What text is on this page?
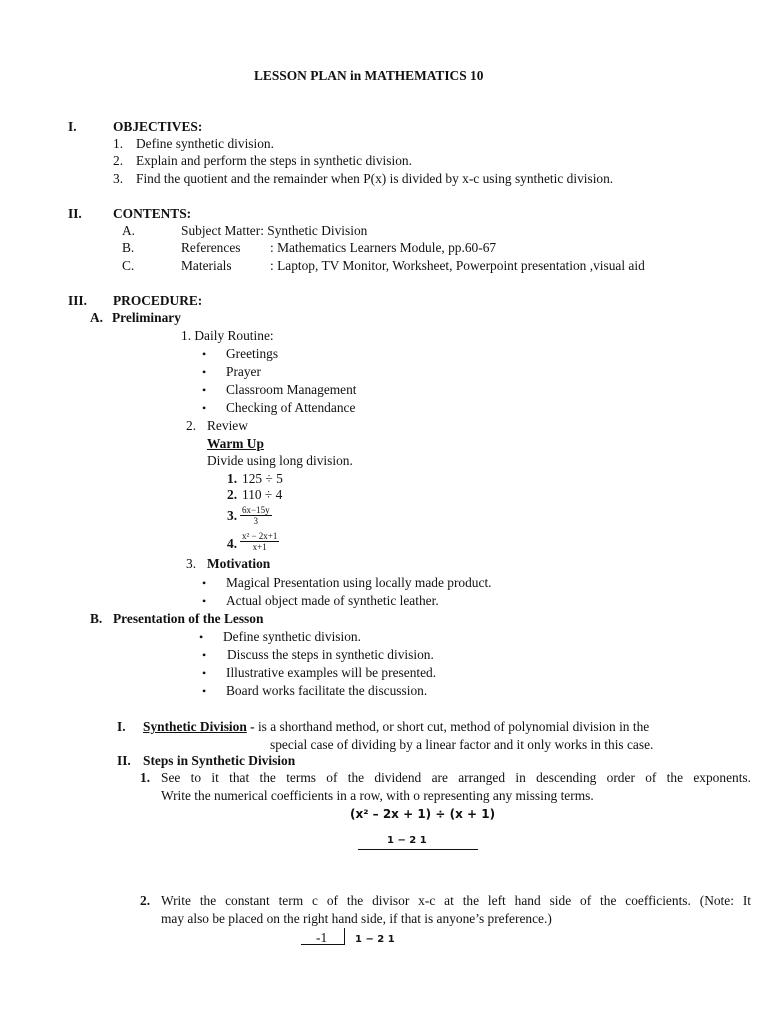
LESSON PLAN in MATHEMATICS 10
I.	OBJECTIVES:
1. Define synthetic division.
2. Explain and perform the steps in synthetic division.
3. Find the quotient and the remainder when P(x) is divided by x-c using synthetic division.
II. CONTENTS:
A.	Subject Matter: Synthetic Division
B.	References : Mathematics Learners Module, pp.60-67
C.	Materials	: Laptop, TV Monitor, Worksheet, Powerpoint presentation ,visual aid
III. PROCEDURE:
A. Preliminary
1. Daily Routine:
• Greetings
• Prayer
• Classroom Management
• Checking of Attendance
2. Review
Warm Up
Divide using long division.
1. 125 ÷ 5
2. 110 ÷ 4
3. $\frac{6x-15y}{3}$
4. $\frac{\text{x² − 2x+1}}{x+1}$
3. Motivation
• Magical Presentation using locally made product.
• Actual object made of synthetic leather.
B. Presentation of the Lesson
• Define synthetic division.
• Discuss the steps in synthetic division.
• Illustrative examples will be presented.
• Board works facilitate the discussion.
I. Synthetic Division - is a shorthand method, or short cut, method of polynomial division in the
special case of dividing by a linear factor and it only works in this case.
II. Steps in Synthetic Division
1. See to it that the terms of the dividend are arranged in descending order of the exponents.
Write the numerical coefficients in a row, with o representing any missing terms.
(x² – 2x + 1) ÷ (x + 1)
1 − 2 1
2. Write the constant term c of the divisor x-c at the left hand side of the coefficients. (Note: It
may also be placed on the right hand side, if that is anyone’s preference.)
-1	1 − 2 1
